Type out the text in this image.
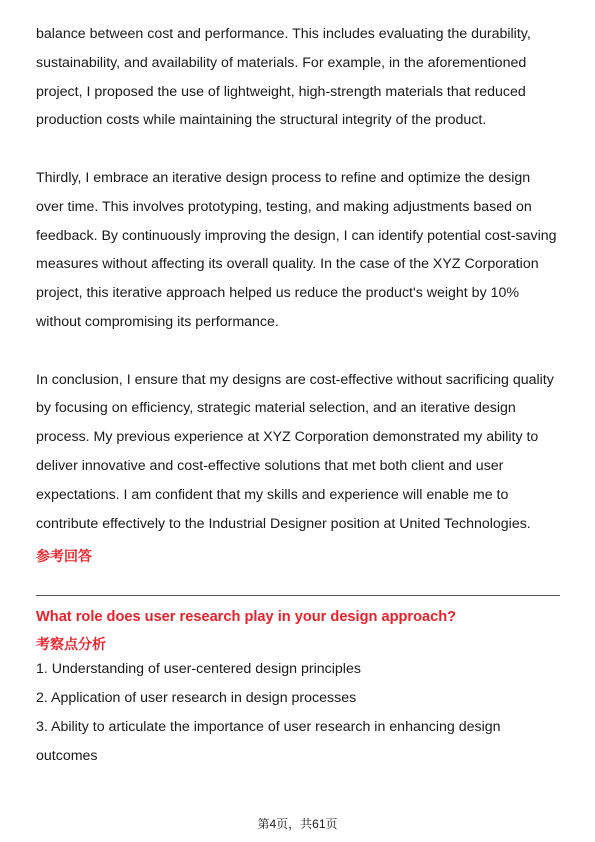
balance between cost and performance. This includes evaluating the durability, sustainability, and availability of materials. For example, in the aforementioned project, I proposed the use of lightweight, high-strength materials that reduced production costs while maintaining the structural integrity of the product.

Thirdly, I embrace an iterative design process to refine and optimize the design over time. This involves prototyping, testing, and making adjustments based on feedback. By continuously improving the design, I can identify potential cost-saving measures without affecting its overall quality. In the case of the XYZ Corporation project, this iterative approach helped us reduce the product's weight by 10% without compromising its performance.

In conclusion, I ensure that my designs are cost-effective without sacrificing quality by focusing on efficiency, strategic material selection, and an iterative design process. My previous experience at XYZ Corporation demonstrated my ability to deliver innovative and cost-effective solutions that met both client and user expectations. I am confident that my skills and experience will enable me to contribute effectively to the Industrial Designer position at United Technologies.

参考回答
What role does user research play in your design approach?
考察点分析
1. Understanding of user-centered design principles
2. Application of user research in design processes
3. Ability to articulate the importance of user research in enhancing design outcomes
第4页，共61页
